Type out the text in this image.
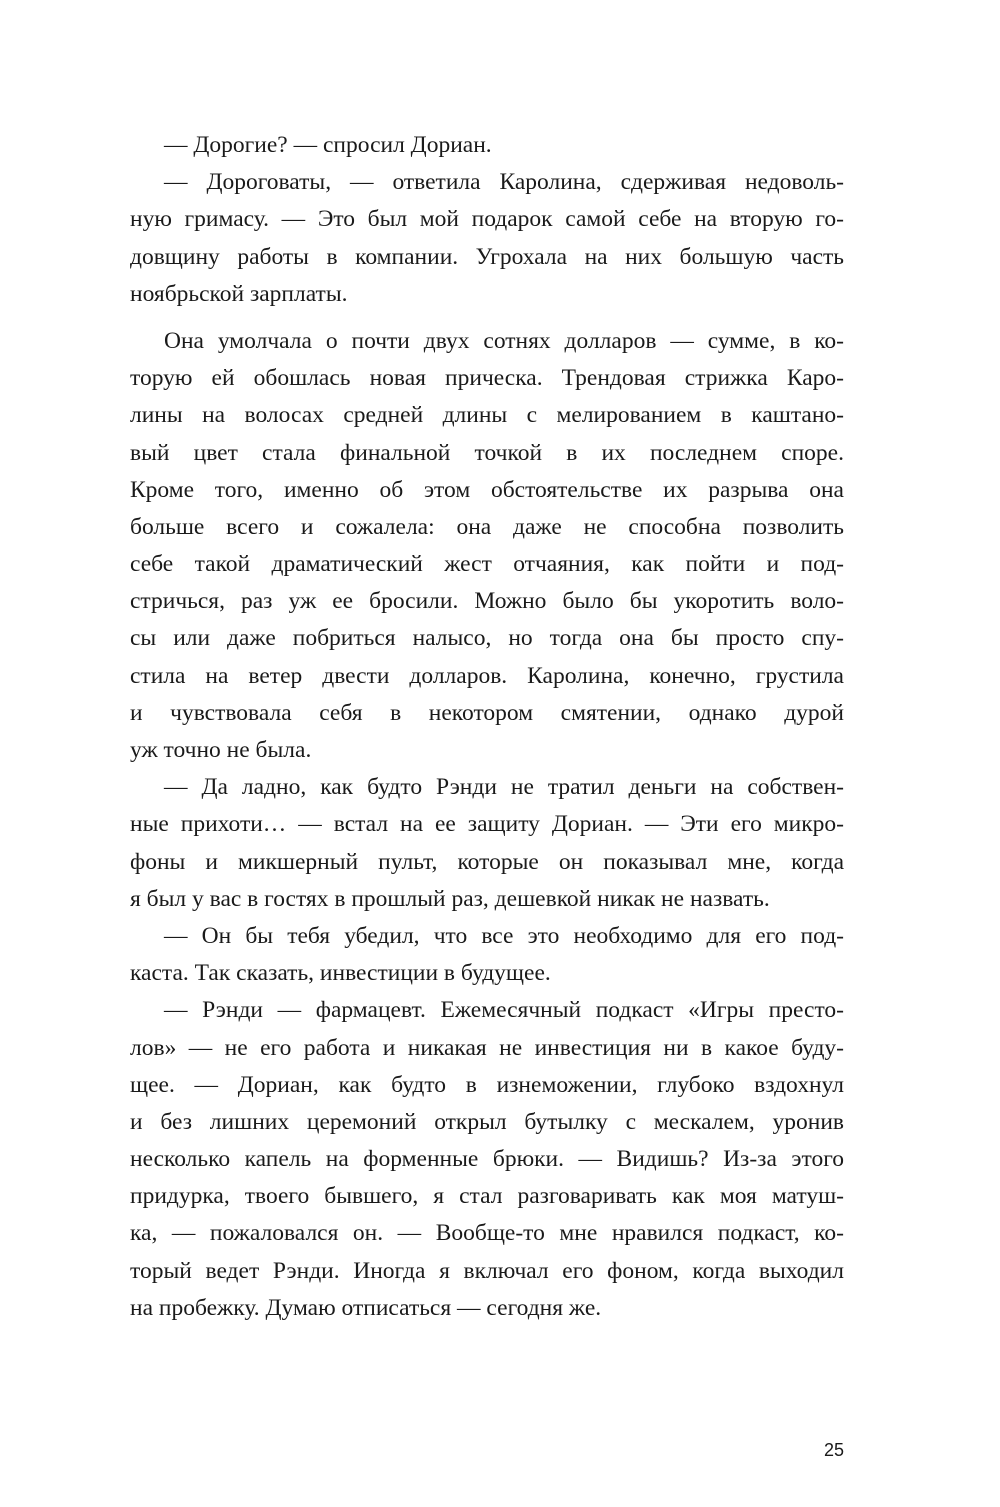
— Дорогие? — спросил Дориан.
— Дороговаты, — ответила Каролина, сдерживая недоволь-
ную гримасу. — Это был мой подарок самой себе на вторую го-
довщину работы в компании. Угрохала на них большую часть
ноябрьской зарплаты.
Она умолчала о почти двух сотнях долларов — сумме, в ко-
торую ей обошлась новая прическа. Трендовая стрижка Каро-
лины на волосах средней длины с мелированием в каштано-
вый цвет стала финальной точкой в их последнем споре.
Кроме того, именно об этом обстоятельстве их разрыва она
больше всего и сожалела: она даже не способна позволить
себе такой драматический жест отчаяния, как пойти и под-
стричься, раз уж ее бросили. Можно было бы укоротить воло-
сы или даже побриться налысо, но тогда она бы просто спу-
стила на ветер двести долларов. Каролина, конечно, грустила
и чувствовала себя в некотором смятении, однако дурой
уж точно не была.
— Да ладно, как будто Рэнди не тратил деньги на собствен-
ные прихоти… — встал на ее защиту Дориан. — Эти его микро-
фоны и микшерный пульт, которые он показывал мне, когда
я был у вас в гостях в прошлый раз, дешевкой никак не назвать.
— Он бы тебя убедил, что все это необходимо для его под-
каста. Так сказать, инвестиции в будущее.
— Рэнди — фармацевт. Ежемесячный подкаст «Игры престо-
лов» — не его работа и никакая не инвестиция ни в какое буду-
щее. — Дориан, как будто в изнеможении, глубоко вздохнул
и без лишних церемоний открыл бутылку с мескалем, уронив
несколько капель на форменные брюки. — Видишь? Из-за этого
придурка, твоего бывшего, я стал разговаривать как моя матуш-
ка, — пожаловался он. — Вообще-то мне нравился подкаст, ко-
торый ведет Рэнди. Иногда я включал его фоном, когда выходил
на пробежку. Думаю отписаться — сегодня же.
25
